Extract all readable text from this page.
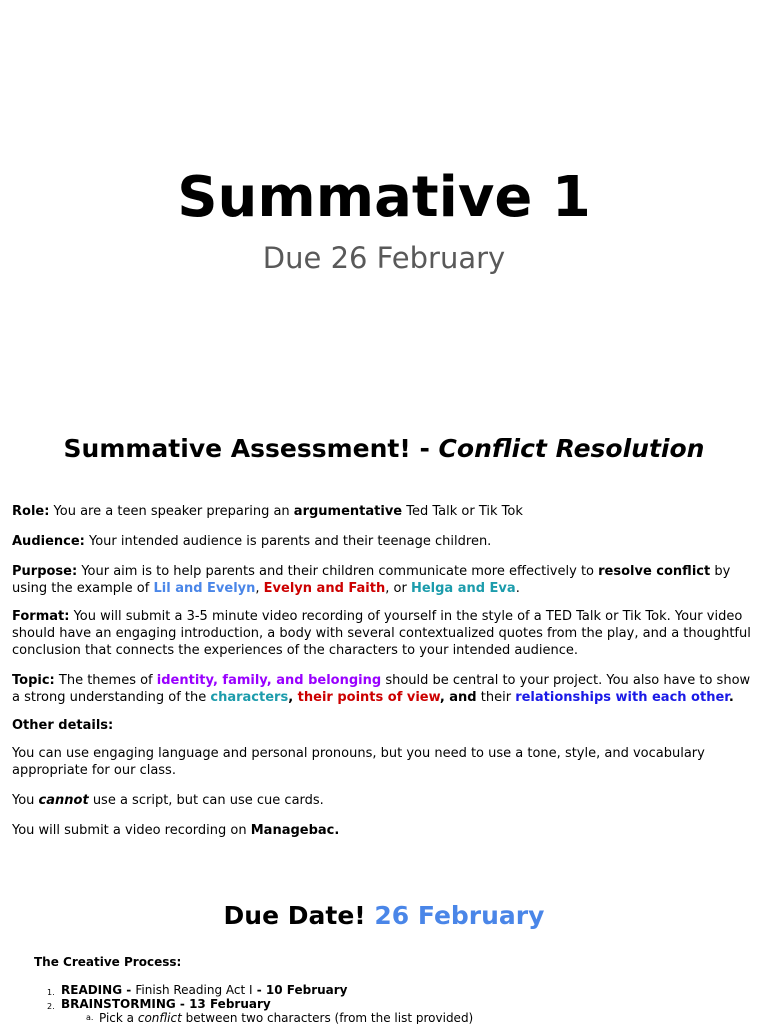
Summative 1
Due 26 February
Summative Assessment! - Conflict Resolution

Role: You are a teen speaker preparing an argumentative Ted Talk or Tik Tok

Audience: Your intended audience is parents and their teenage children.

Purpose: Your aim is to help parents and their children communicate more effectively to resolve conflict by using the example of Lil and Evelyn, Evelyn and Faith, or Helga and Eva.

Format: You will submit a 3-5 minute video recording of yourself in the style of a TED Talk or Tik Tok. Your video should have an engaging introduction, a body with several contextualized quotes from the play, and a thoughtful conclusion that connects the experiences of the characters to your intended audience.

Topic: The themes of identity, family, and belonging should be central to your project. You also have to show a strong understanding of the characters, their points of view, and their relationships with each other.

Other details:

You can use engaging language and personal pronouns, but you need to use a tone, style, and vocabulary appropriate for our class.

You cannot use a script, but can use cue cards.

You will submit a video recording on Managebac.

Due Date! 26 February
The Creative Process:
1. READING - Finish Reading Act I - 10 February
2. BRAINSTORMING - 13 February
a. Pick a conflict between two characters (from the list provided)
